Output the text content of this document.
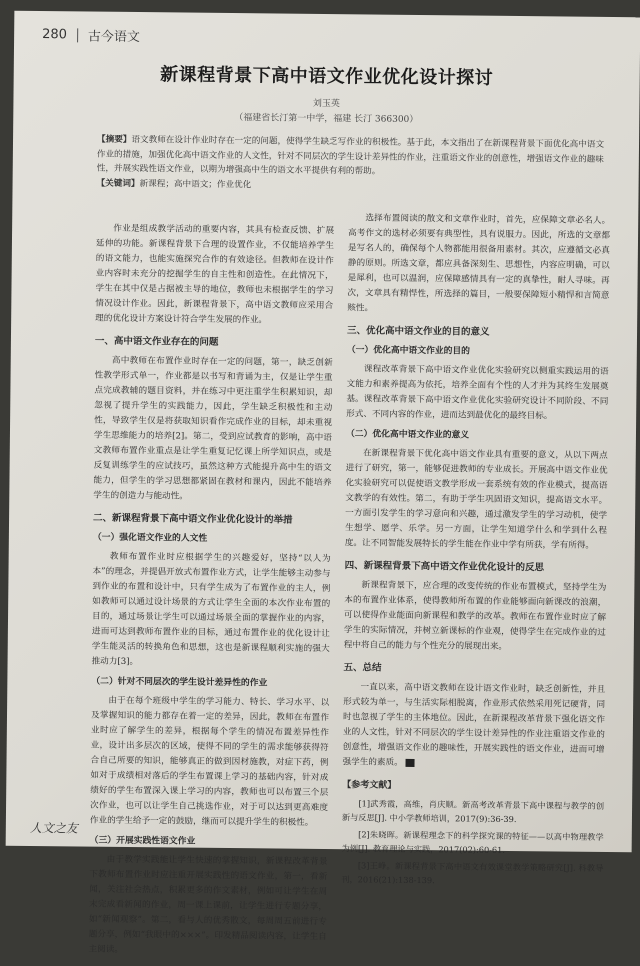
280 古今语文
新课程背景下高中语文作业优化设计探讨
刘玉英
（福建省长汀第一中学，福建 长汀 366300）
【摘要】语文教师在设计作业时存在一定的问题，使得学生缺乏写作业的积极性。基于此，本文指出了在新课程背景下面优化高中语文作业的措施，加强优化高中语文作业的人文性，针对不同层次的学生设计差异性的作业，注重语文作业的创意性，增强语文作业的趣味性，并展实践性语文作业，以期为增强高中生的语文水平提供有利的帮助。
【关键词】新课程；高中语文；作业优化

作业是组成教学活动的重要内容，其具有检查反馈、扩展延伸的功能。新课程背景下合理的设置作业，不仅能培养学生的语文能力，也能实施探究合作的有效途径。但教师在设计作业内容时未充分的挖掘学生的自主性和创造性。在此情况下，学生在其中仅是占据被主导的地位，教师也未根据学生的学习情况设计作业。因此，新课程背景下，高中语文教师应采用合理的优化设计方案设计符合学生发展的作业。

一、高中语文作业存在的问题

高中教师在布置作业时存在一定的问题，第一，缺乏创新性教学形式单一，作业都是以书写和背诵为主，仅是让学生重点完成教辅的题目资料，并在练习中更注重学生积累知识，却忽视了提升学生的实践能力，因此，学生缺乏积极性和主动性，导致学生仅是将获取知识看作完成作业的目标，却未重视学生思维能力的培养[2]。第二，受到应试教育的影响，高中语文教师布置作业重点是让学生重复记忆课上所学知识点，或是反复训练学生的应试技巧，虽然这种方式能提升高中生的语文能力，但学生的学习思想都紧固在教材和课内，因此不能培养学生的创造力与能动性。

二、新课程背景下高中语文作业优化设计的举措
（一）强化语文作业的人文性

教师布置作业时应根据学生的兴趣爱好，坚持“以人为本”的理念，并提倡开放式布置作业方式，让学生能够主动参与到作业的布置和设计中，只有学生成为了布置作业的主人，例如教师可以通过设计场景的方式让学生全面的本次作业布置的目的，通过场景让学生可以通过场景全面的掌握作业的内容，进而可达到教师布置作业的目标，通过布置作业的优化设计让学生能灵活的转换角色和思想，这也是新课程顺利实施的强大推动力[3]。

（二）针对不同层次的学生设计差异性的作业

由于在每个班级中学生的学习能力、特长、学习水平、以及掌握知识的能力都存在着一定的差异，因此，教师在布置作业时应了解学生的差异，根据每个学生的情况布置差异性作业，设计出多层次的区域，使得不同的学生的需求能够获得符合自己所要的知识，能够真正的做到因材施教，对症下药，例如对于成绩相对落后的学生布置课上学习的基础内容，针对成绩好的学生布置深入课上学习的内容，教师也可以布置三个层次作业，也可以让学生自己挑选作业，对于可以达到更高难度作业的学生给予一定的鼓励，继而可以提升学生的积极性。

（三）开展实践性语文作业

由于教学实践能让学生快速的掌握知识，新课程改革背景下教师布置作业时应注重开展实践性的语文作业，第一，看新闻，关注社会热点，积累更多的作文素材，例如可让学生在周末完成看新闻的作业，周一课上课前，让学生进行专题分享，如“新闻观察”。第二，看与人的优秀散文，每周周五前进行专题分享，例如“我眼中的×××”。印发精品阅读内容，让学生自主阅读。

选择布置阅读的散文和文章作业时，首先，应保障文章必名人。高考作文的选材必须要有典型性，具有说服力。因此，所选的文章都是写名人的，确保每个人物都能用很备用素材。其次，应遵循文必真静的原则。所选文章，都应具备深刻生、思想性，内容应明确，可以是犀利，也可以温润，应保障感情具有一定的真挚性，耐人寻味。再次，文章具有精悍性，所选择的篇目，一般要保障短小精悍和言简意赅性。

三、优化高中语文作业的目的意义
（一）优化高中语文作业的目的

课程改革背景下高中语文作业优化实验研究以侧重实践运用的语文能力和素养提高为依托，培养全面有个性的人才并为其终生发展奠基。课程改革背景下高中语文作业优化实验研究设计不同阶段、不同形式、不同内容的作业，进而达到最优化的最终目标。

（二）优化高中语文作业的意义

在新课程背景下优化高中语文作业具有重要的意义，从以下两点进行了研究，第一，能够促进教师的专业成长。开展高中语文作业优化实验研究可以促使语文教学形成一套系统有效的作业模式，提高语文教学的有效性。第二，有助于学生巩固语文知识，提高语文水平。一方面引发学生的学习意向和兴趣，通过激发学生的学习动机，使学生想学、愿学、乐学。另一方面，让学生知道学什么和学到什么程度。让不同智能发展特长的学生能在作业中学有所获，学有所得。

四、新课程背景下高中语文作业优化设计的反思

新课程背景下，应合理的改变传统的作业布置模式，坚持学生为本的布置作业体系，使得教师所布置的作业能够面向新课改的浪潮，可以使得作业能面向新课程和教学的改革。教师在布置作业时应了解学生的实际情况，并树立新课标的作业观，使得学生在完成作业的过程中将自己的能力与个性充分的展现出来。

五、总结

一直以来，高中语文教师在设计语文作业时，缺乏创新性，并且形式较为单一，与生活实际相脱离，作业形式依然采用死记硬背，同时也忽视了学生的主体地位。因此，在新课程改革背景下强化语文作业的人文性，针对不同层次的学生设计差异性的作业注重语文作业的创意性，增强语文作业的趣味性，开展实践性的语文作业，进而可增强学生的素质。

【参考文献】

[1]武秀霞，高维，肖庆顺。新高考改革背景下高中课程与教学的创新与反思[J]. 中小学教师培训，2017(9):36-39.

[2]朱晓晖。新课程理念下的科学探究课的特征——以高中物理教学为例[J]. 教育理论与实践，2017(02):60-61.

[3]王峥。新课程背景下高中语文有效课堂教学策略研究[J]. 科教导刊，2016(21):138-139.

人文之友
